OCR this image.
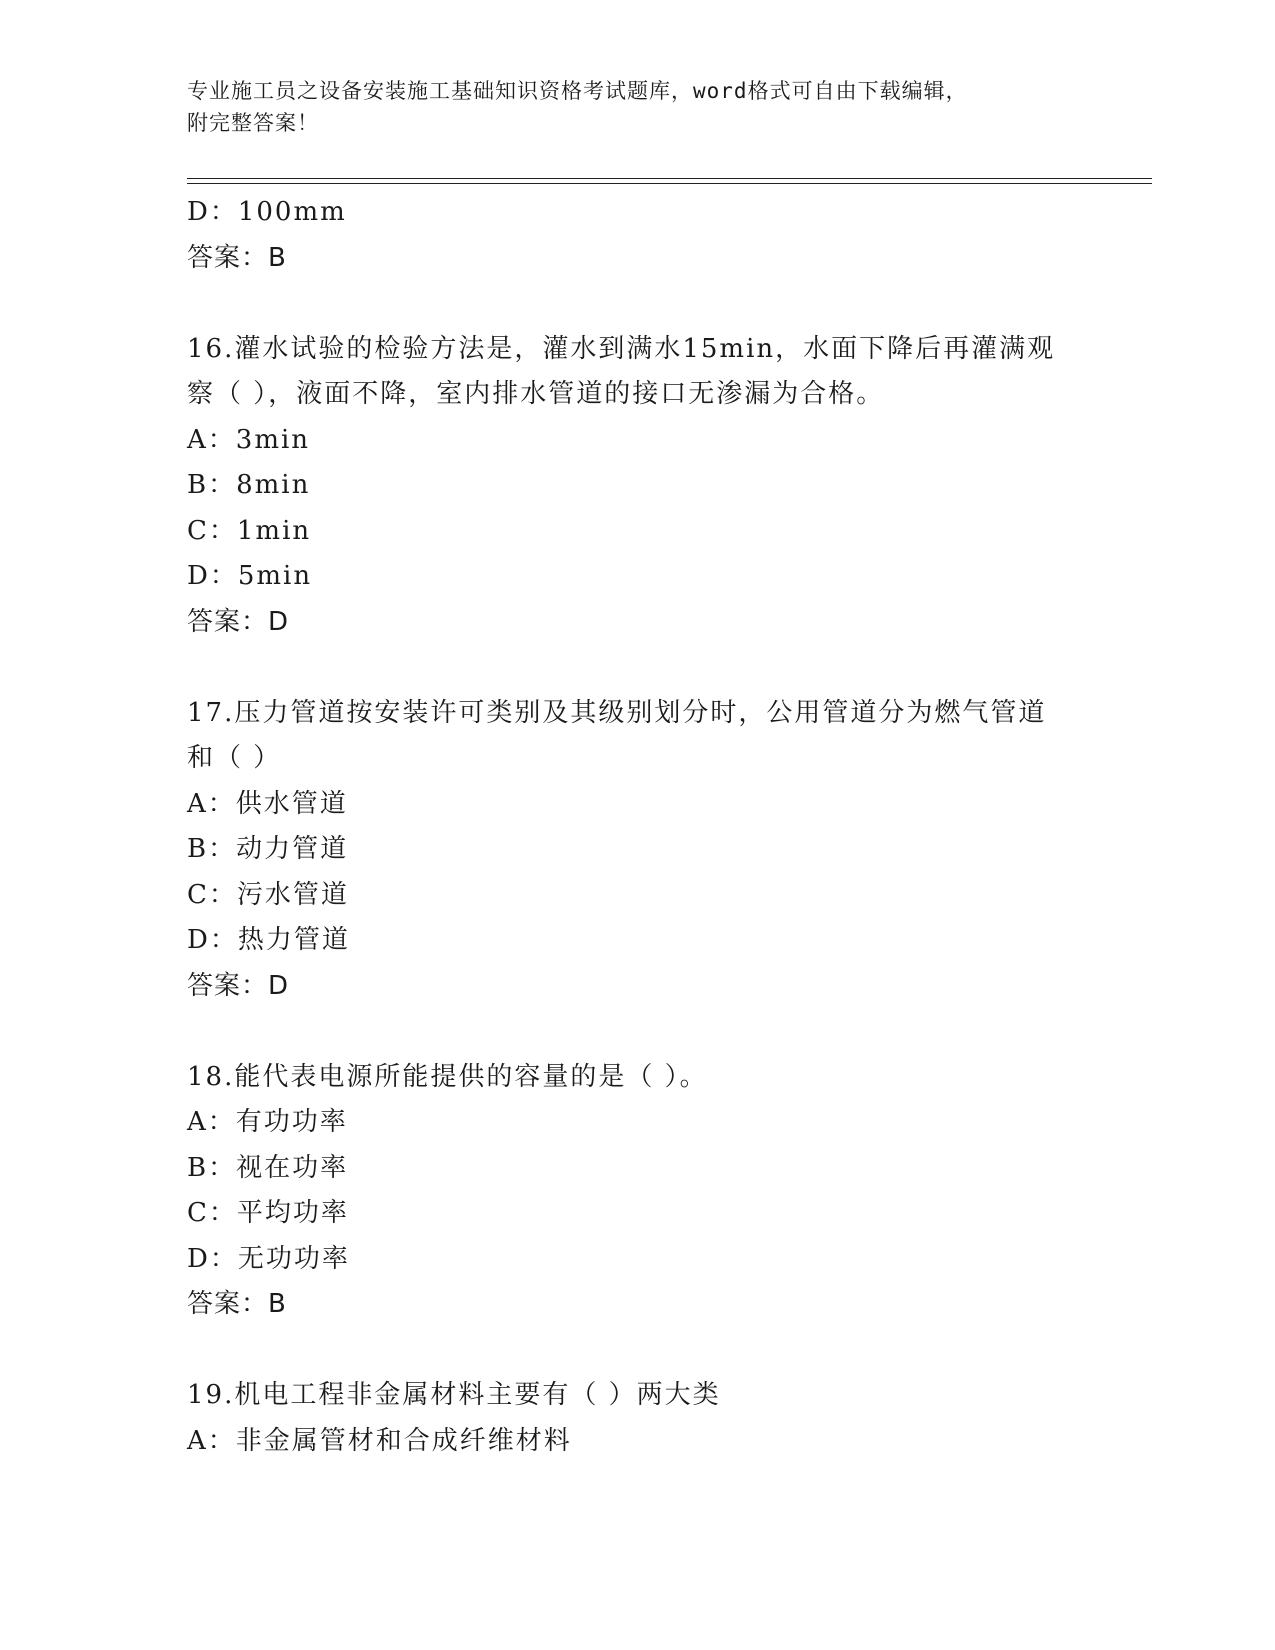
专业施工员之设备安装施工基础知识资格考试题库，word格式可自由下载编辑，
附完整答案！
D：100mm
答案：B
16.灌水试验的检验方法是，灌水到满水15min，水面下降后再灌满观
察（ ），液面不降，室内排水管道的接口无渗漏为合格。
A：3min
B：8min
C：1min
D：5min
答案：D
17.压力管道按安装许可类别及其级别划分时，公用管道分为燃气管道
和（ ）
A：供水管道
B：动力管道
C：污水管道
D：热力管道
答案：D
18.能代表电源所能提供的容量的是（ ）。
A：有功功率
B：视在功率
C：平均功率
D：无功功率
答案：B
19.机电工程非金属材料主要有（ ）两大类
A：非金属管材和合成纤维材料
